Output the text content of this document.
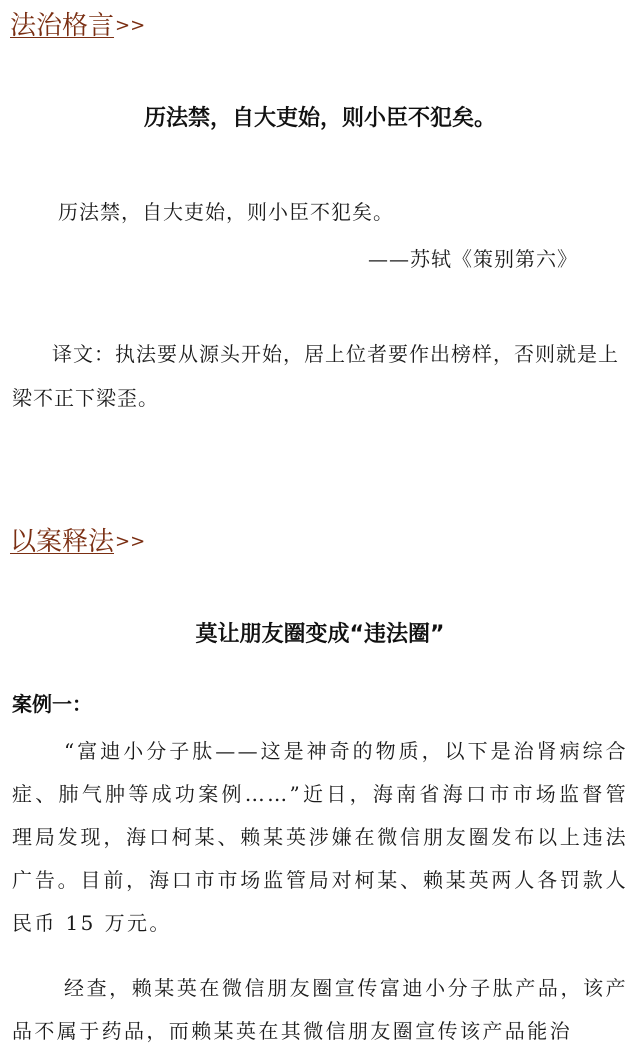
法治格言>>
历法禁，自大吏始，则小臣不犯矣。
历法禁，自大吏始，则小臣不犯矣。
——苏轼《策别第六》
译文：执法要从源头开始，居上位者要作出榜样，否则就是上梁不正下梁歪。
以案释法>>
莫让朋友圈变成“违法圈”
案例一：
“富迪小分子肽——这是神奇的物质，以下是治肾病综合症、肺气肿等成功案例……”近日，海南省海口市市场监督管理局发现，海口柯某、赖某英涉嫌在微信朋友圈发布以上违法广告。目前，海口市市场监管局对柯某、赖某英两人各罚款人民币 15 万元。
经查，赖某英在微信朋友圈宣传富迪小分子肽产品，该产品不属于药品，而赖某英在其微信朋友圈宣传该产品能治
